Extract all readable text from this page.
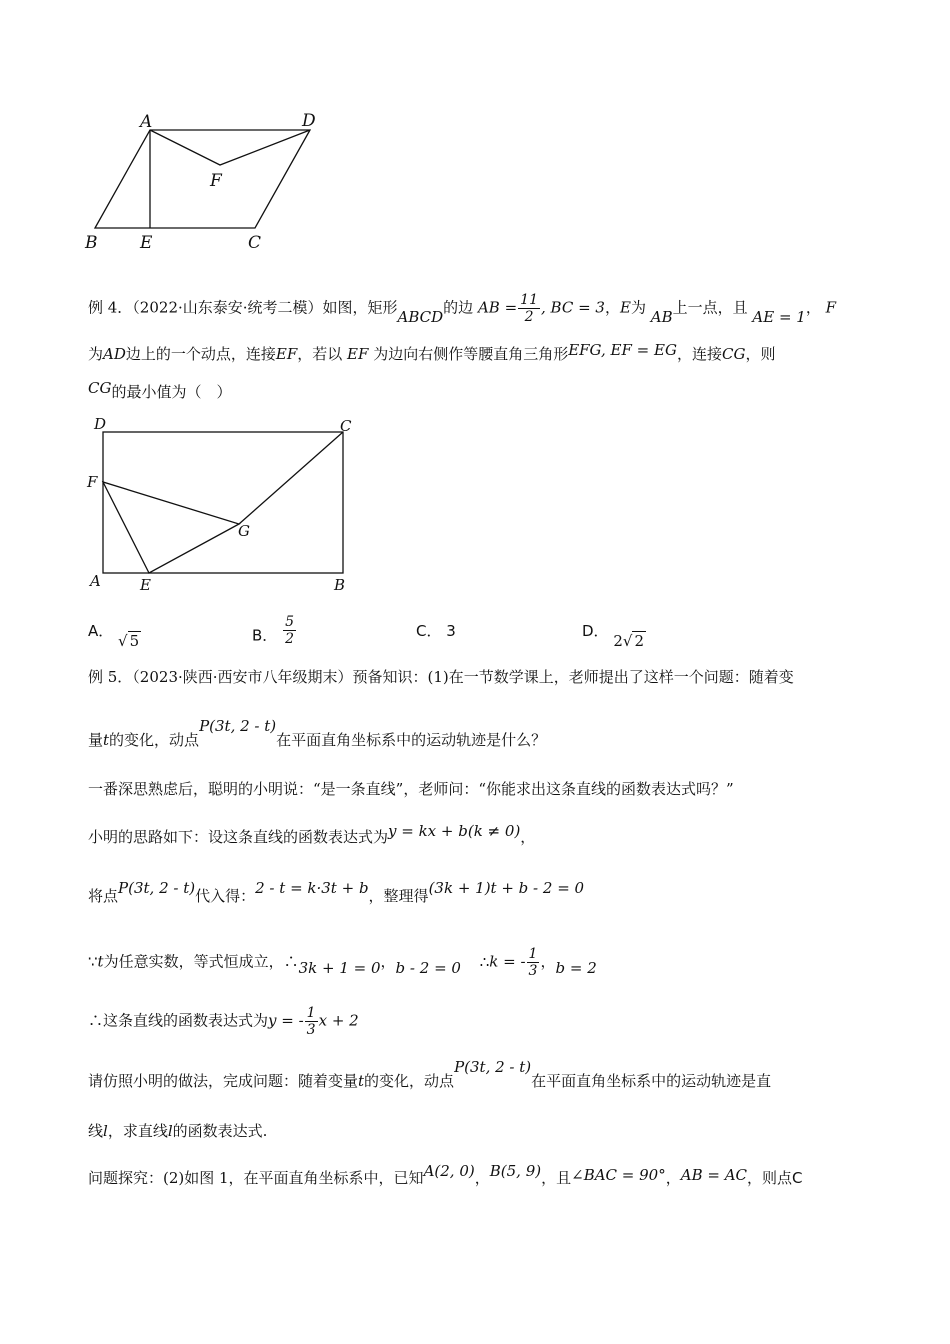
A	D
F
B	E	C
例 4．（2022·山东泰安·统考二模）如图，矩形ABCD的边 AB = $\frac{11}{2}$ , BC = 3，E为 AB上一点，且 AE = 1， F
为AD边上的一个动点，连接EF，若以 EF 为边向右侧作等腰直角三角形EFG, EF = EG，连接CG，则
CG的最小值为（　）
D	C
F
G
A	E	B
A． √ 5	B． $\frac{5}{2}$	C． 3	D． 2√ 2
例 5．（2023·陕西·西安市八年级期末）预备知识：(1)在一节数学课上，老师提出了这样一个问题：随着变
量t的变化，动点P(3t, 2 - t)在平面直角坐标系中的运动轨迹是什么？
一番深思熟虑后，聪明的小明说：“是一条直线”，老师问：“你能求出这条直线的函数表达式吗？”
小明的思路如下：设这条直线的函数表达式为y = kx + b(k ≠ 0)，
将点P(3t, 2 - t)代入得：2 - t = k·3t + b，整理得(3k + 1)t + b - 2 = 0
∵t为任意实数，等式恒成立，∴3k + 1 = 0，b - 2 = 0 ∴k = - $\frac{1}{3}$ ，b = 2
∴这条直线的函数表达式为y = - $\frac{1}{3}$ x + 2
请仿照小明的做法，完成问题：随着变量t的变化，动点P(3t, 2 - t)在平面直角坐标系中的运动轨迹是直
线l，求直线l的函数表达式.
问题探究：(2)如图 1，在平面直角坐标系中，已知A(2, 0)，B(5, 9)，且∠BAC = 90°，AB = AC，则点C
